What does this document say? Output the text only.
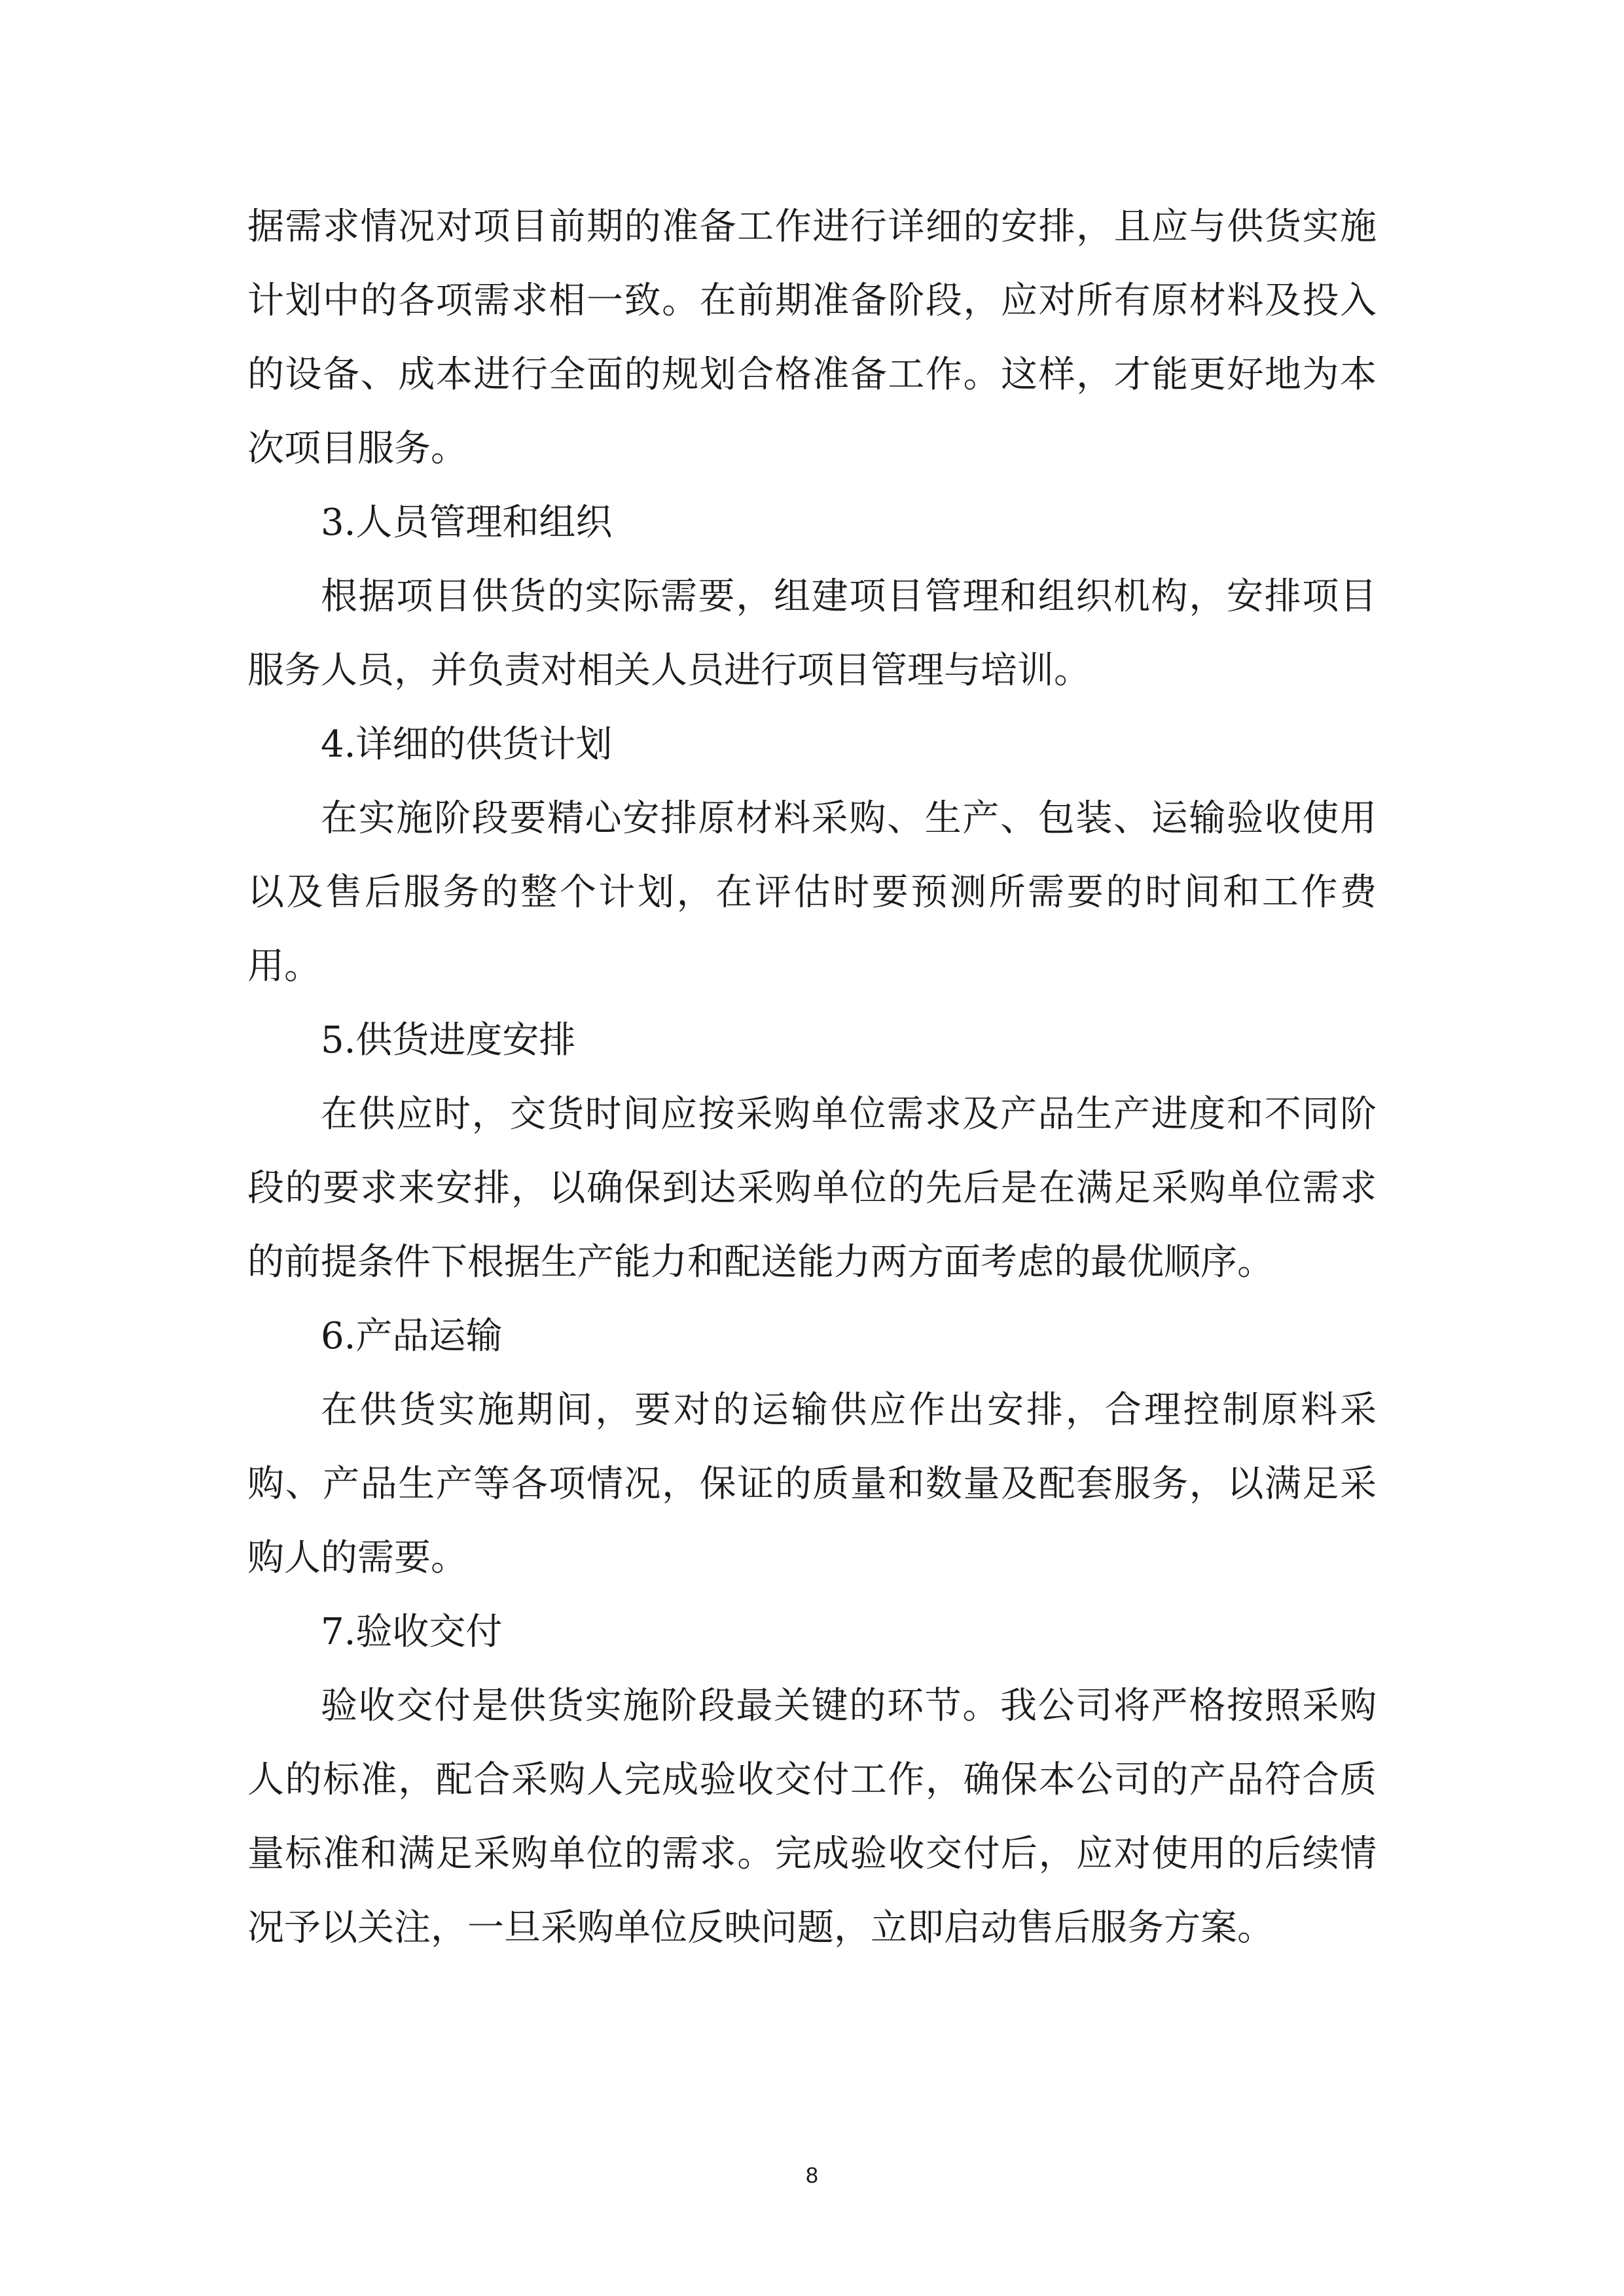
据需求情况对项目前期的准备工作进行详细的安排，且应与供货实施计划中的各项需求相一致。在前期准备阶段，应对所有原材料及投入的设备、成本进行全面的规划合格准备工作。这样，才能更好地为本次项目服务。

3.人员管理和组织

根据项目供货的实际需要，组建项目管理和组织机构，安排项目服务人员，并负责对相关人员进行项目管理与培训。

4.详细的供货计划

在实施阶段要精心安排原材料采购、生产、包装、运输验收使用以及售后服务的整个计划，在评估时要预测所需要的时间和工作费用。

5.供货进度安排

在供应时，交货时间应按采购单位需求及产品生产进度和不同阶段的要求来安排，以确保到达采购单位的先后是在满足采购单位需求的前提条件下根据生产能力和配送能力两方面考虑的最优顺序。

6.产品运输

在供货实施期间，要对的运输供应作出安排，合理控制原料采购、产品生产等各项情况，保证的质量和数量及配套服务，以满足采购人的需要。

7.验收交付

验收交付是供货实施阶段最关键的环节。我公司将严格按照采购人的标准，配合采购人完成验收交付工作，确保本公司的产品符合质量标准和满足采购单位的需求。完成验收交付后，应对使用的后续情况予以关注，一旦采购单位反映问题，立即启动售后服务方案。

8
